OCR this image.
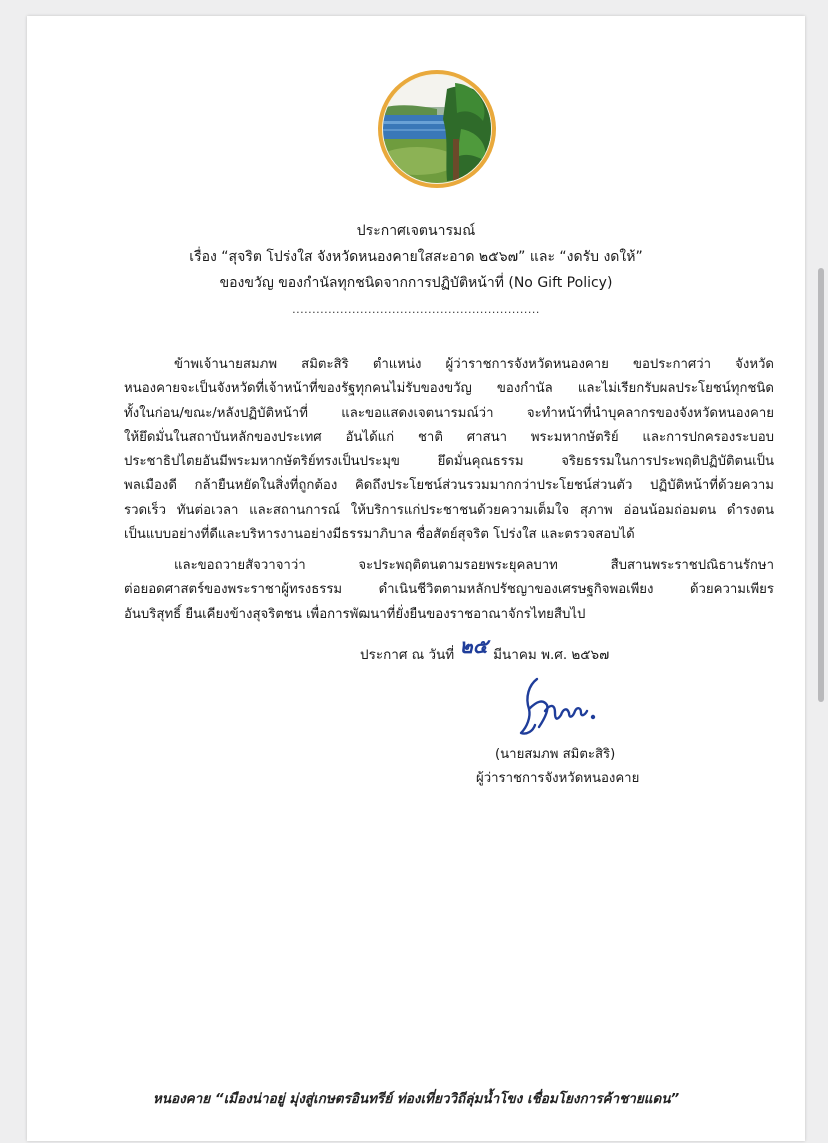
ประกาศเจตนารมณ์
เรื่อง “สุจริต โปร่งใส จังหวัดหนองคายใสสะอาด ๒๕๖๗” และ “งดรับ งดให้”
ของขวัญ ของกำนัลทุกชนิดจากการปฏิบัติหน้าที่ (No Gift Policy)
..............................................................
ข้าพเจ้านายสมภพ สมิตะสิริ ตำแหน่ง ผู้ว่าราชการจังหวัดหนองคาย ขอประกาศว่า จังหวัด
หนองคายจะเป็นจังหวัดที่เจ้าหน้าที่ของรัฐทุกคนไม่รับของขวัญ ของกำนัล และไม่เรียกรับผลประโยชน์ทุกชนิด
ทั้งในก่อน/ขณะ/หลังปฏิบัติหน้าที่ และขอแสดงเจตนารมณ์ว่า จะทำหน้าที่นำบุคลากรของจังหวัดหนองคาย
ให้ยึดมั่นในสถาบันหลักของประเทศ อันได้แก่ ชาติ ศาสนา พระมหากษัตริย์ และการปกครองระบอบ
ประชาธิปไตยอันมีพระมหากษัตริย์ทรงเป็นประมุข ยึดมั่นคุณธรรม จริยธรรมในการประพฤติปฏิบัติตนเป็น
พลเมืองดี กล้ายืนหยัดในสิ่งที่ถูกต้อง คิดถึงประโยชน์ส่วนรวมมากกว่าประโยชน์ส่วนตัว ปฏิบัติหน้าที่ด้วยความ
รวดเร็ว ทันต่อเวลา และสถานการณ์ ให้บริการแก่ประชาชนด้วยความเต็มใจ สุภาพ อ่อนน้อมถ่อมตน ดำรงตน
เป็นแบบอย่างที่ดีและบริหารงานอย่างมีธรรมาภิบาล ซื่อสัตย์สุจริต โปร่งใส และตรวจสอบได้
และขอถวายสัจวาจาว่า จะประพฤติตนตามรอยพระยุคลบาท สืบสานพระราชปณิธานรักษา
ต่อยอดศาสตร์ของพระราชาผู้ทรงธรรม ดำเนินชีวิตตามหลักปรัชญาของเศรษฐกิจพอเพียง ด้วยความเพียร
อันบริสุทธิ์ ยืนเคียงข้างสุจริตชน เพื่อการพัฒนาที่ยั่งยืนของราชอาณาจักรไทยสืบไป
ประกาศ ณ วันที่ ๒๕ มีนาคม พ.ศ. ๒๕๖๗
(นายสมภพ สมิตะสิริ)
ผู้ว่าราชการจังหวัดหนองคาย
หนองคาย “เมืองน่าอยู่ มุ่งสู่เกษตรอินทรีย์ ท่องเที่ยววิถีลุ่มน้ำโขง เชื่อมโยงการค้าชายแดน”
